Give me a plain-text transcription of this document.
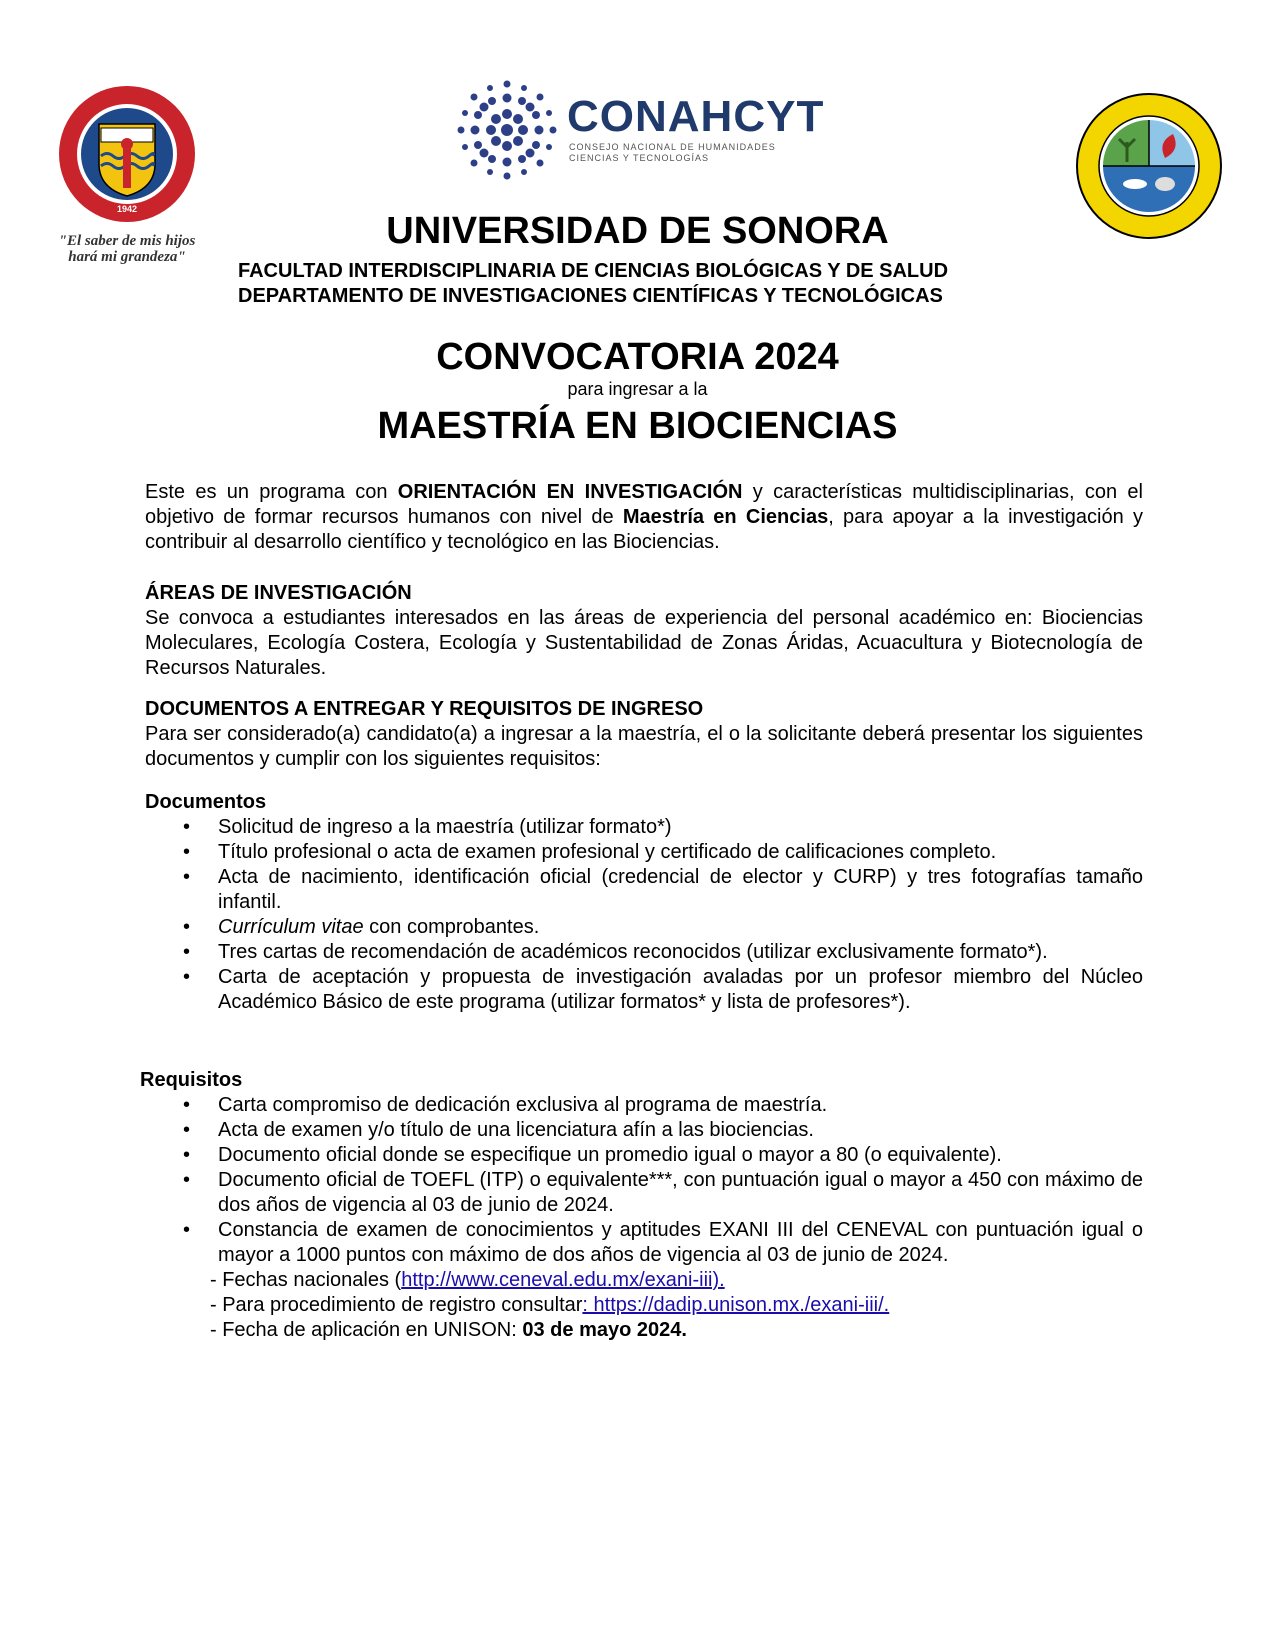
1942
"El saber de mis hijos hará mi grandeza"
CONAHCYT
CONSEJO NACIONAL DE HUMANIDADES CIENCIAS Y TECNOLOGÍAS
UNIVERSIDAD DE SONORA
FACULTAD INTERDISCIPLINARIA DE CIENCIAS BIOLÓGICAS Y DE SALUD
DEPARTAMENTO DE INVESTIGACIONES CIENTÍFICAS Y TECNOLÓGICAS
CONVOCATORIA 2024
para ingresar a la
MAESTRÍA EN BIOCIENCIAS
Este es un programa con ORIENTACIÓN EN INVESTIGACIÓN y características multidisciplinarias, con el objetivo de formar recursos humanos con nivel de Maestría en Ciencias, para apoyar a la investigación y contribuir al desarrollo científico y tecnológico en las Biociencias.
ÁREAS DE INVESTIGACIÓN
Se convoca a estudiantes interesados en las áreas de experiencia del personal académico en: Biociencias Moleculares, Ecología Costera, Ecología y Sustentabilidad de Zonas Áridas, Acuacultura y Biotecnología de Recursos Naturales.
DOCUMENTOS A ENTREGAR Y REQUISITOS DE INGRESO
Para ser considerado(a) candidato(a) a ingresar a la maestría, el o la solicitante deberá presentar los siguientes documentos y cumplir con los siguientes requisitos:
Documentos
• Solicitud de ingreso a la maestría (utilizar formato*)
• Título profesional o acta de examen profesional y certificado de calificaciones completo.
• Acta de nacimiento, identificación oficial (credencial de elector y CURP) y tres fotografías tamaño infantil.
• Currículum vitae con comprobantes.
• Tres cartas de recomendación de académicos reconocidos (utilizar exclusivamente formato*).
• Carta de aceptación y propuesta de investigación avaladas por un profesor miembro del Núcleo Académico Básico de este programa (utilizar formatos* y lista de profesores*).
Requisitos
• Carta compromiso de dedicación exclusiva al programa de maestría.
• Acta de examen y/o título de una licenciatura afín a las biociencias.
• Documento oficial donde se especifique un promedio igual o mayor a 80 (o equivalente).
• Documento oficial de TOEFL (ITP) o equivalente***, con puntuación igual o mayor a 450 con máximo de dos años de vigencia al 03 de junio de 2024.
• Constancia de examen de conocimientos y aptitudes EXANI III del CENEVAL con puntuación igual o mayor a 1000 puntos con máximo de dos años de vigencia al 03 de junio de 2024.
- Fechas nacionales (http://www.ceneval.edu.mx/exani-iii).
- Para procedimiento de registro consultar: https://dadip.unison.mx./exani-iii/.
- Fecha de aplicación en UNISON: 03 de mayo 2024.
